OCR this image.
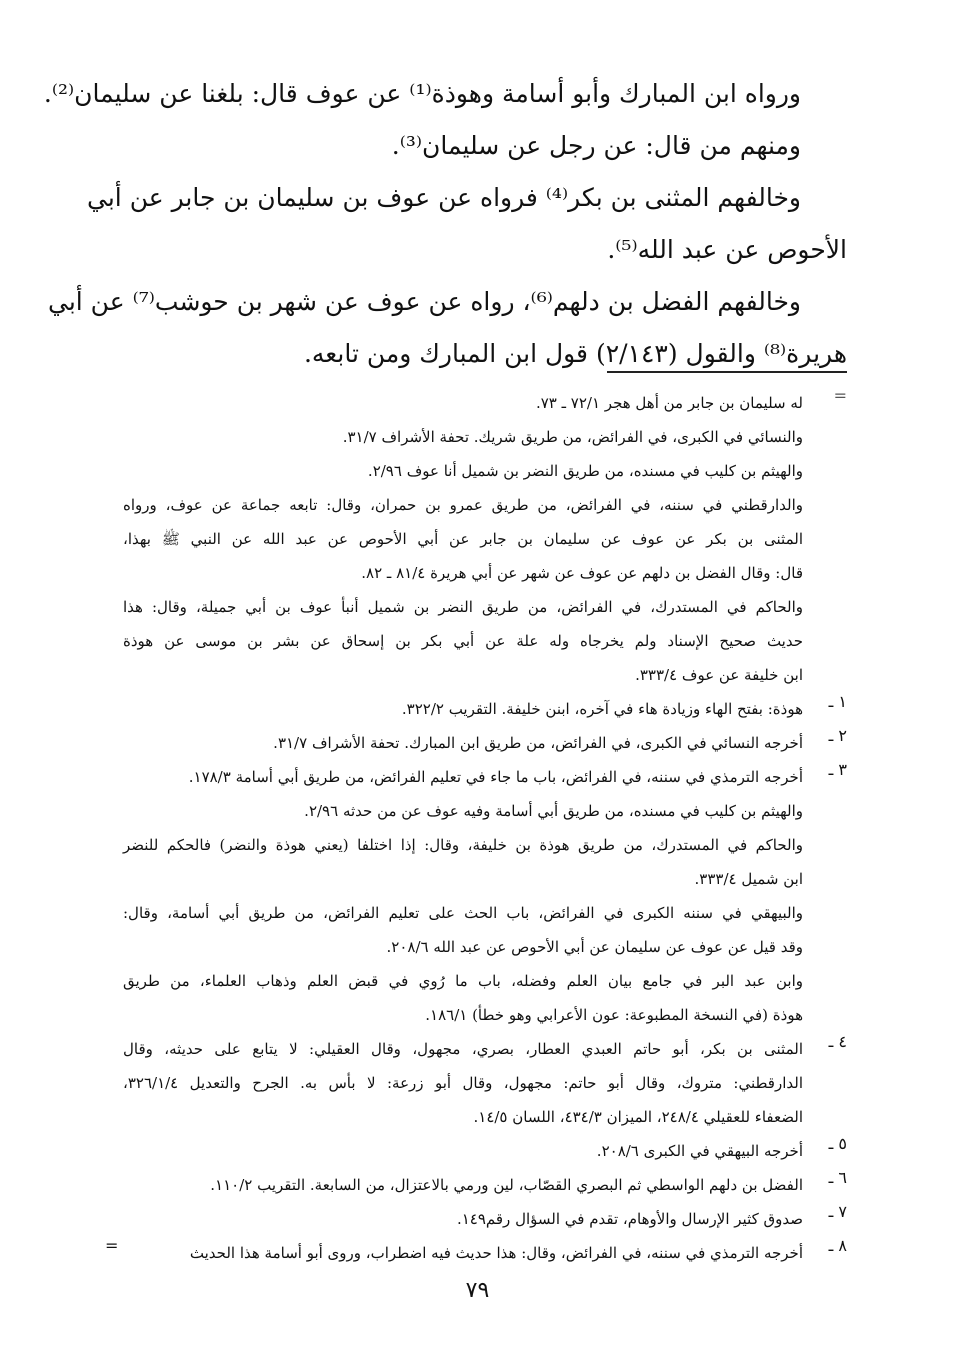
ورواه ابن المبارك وأبو أسامة وهوذة⁽¹⁾ عن عوف قال: بلغنا عن سليمان⁽²⁾.
ومنهم من قال: عن رجل عن سليمان⁽³⁾.
وخالفهم المثنى بن بكر⁽⁴⁾ فرواه عن عوف بن سليمان بن جابر عن أبي
الأحوص عن عبد الله⁽⁵⁾.
وخالفهم الفضل بن دلهم⁽⁶⁾، رواه عن عوف عن شهر بن حوشب⁽⁷⁾ عن أبي
هريرة⁽⁸⁾ والقول (٢/١٤٣) قول ابن المبارك ومن تابعه.
=
له سليمان بن جابر من أهل هجر ٧٢/١ ـ ٧٣.
والنسائي في الكبرى، في الفرائض، من طريق شريك. تحفة الأشراف ٣١/٧.
والهيثم بن كليب في مسنده، من طريق النضر بن شميل أنا عوف ٢/٩٦.
والدارقطني في سننه، في الفرائض، من طريق عمرو بن حمران، وقال: تابعه جماعة عن عوف، ورواه
المثنى بن بكر عن عوف عن سليمان بن جابر عن أبي الأحوص عن عبد الله عن النبي ﷺ بهذا،
قال: وقال الفضل بن دلهم عن عوف عن شهر عن أبي هريرة ٨١/٤ ـ ٨٢.
والحاكم في المستدرك، في الفرائض، من طريق النضر بن شميل أنبأ عوف بن أبي جميلة، وقال: هذا
حديث صحيح الإسناد ولم يخرجاه وله علة عن أبي بكر بن إسحاق عن بشر بن موسى عن هوذة
ابن خليفة عن عوف ٣٣٣/٤.
١ ـ
هوذة: بفتح الهاء وزيادة هاء في آخره، ابنن خليفة. التقريب ٣٢٢/٢.
٢ ـ
أخرجه النسائي في الكبرى، في الفرائض، من طريق ابن المبارك. تحفة الأشراف ٣١/٧.
٣ ـ
أخرجه الترمذي في سننه، في الفرائض، باب ما جاء في تعليم الفرائض، من طريق أبي أسامة ١٧٨/٣.
والهيثم بن كليب في مسنده، من طريق أبي أسامة وفيه عوف عن من حدثه ٢/٩٦.
والحاكم في المستدرك، من طريق هوذة بن خليفة، وقال: إذا اختلفا (يعني هوذة والنضر) فالحكم للنضر
ابن شميل ٣٣٣/٤.
والبيهقي في سننه الكبرى في الفرائض، باب الحث على تعليم الفرائض، من طريق أبي أسامة، وقال:
وقد قيل عن عوف عن سليمان عن أبي الأحوص عن عبد الله ٢٠٨/٦.
وابن عبد البر في جامع بيان العلم وفضله، باب ما رُوي في قبض العلم وذهاب العلماء، من طريق
هوذة (في النسخة المطبوعة: عون الأعرابي وهو خطأ) ١٨٦/١.
٤ ـ
المثنى بن بكر، أبو حاتم العبدي العطار، بصري، مجهول، وقال العقيلي: لا يتابع على حديثه، وقال
الدارقطني: متروك، وقال أبو حاتم: مجهول، وقال أبو زرعة: لا بأس به. الجرح والتعديل ٣٢٦/١/٤،
الضعفاء للعقيلي ٢٤٨/٤، الميزان ٤٣٤/٣، اللسان ١٤/٥.
٥ ـ
أخرجه البيهقي في الكبرى ٢٠٨/٦.
٦ ـ
الفضل بن دلهم الواسطي ثم البصري القصّاب، لين ورمي بالاعتزال، من السابعة. التقريب ١١٠/٢.
٧ ـ
صدوق كثير الإرسال والأوهام، تقدم في السؤال رقم١٤٩.
٨ ـ
أخرجه الترمذي في سننه، في الفرائض، وقال: هذا حديث فيه اضطراب، وروى أبو أسامة هذا الحديث
=
٧٩
